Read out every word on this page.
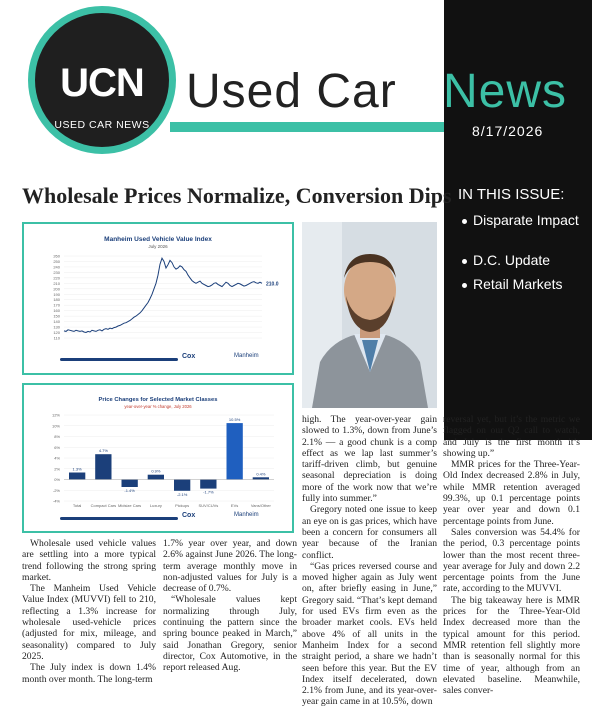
UCN
USED CAR NEWS
Used Car News
8/17/2026
Wholesale Prices Normalize, Conversion Dips IN THIS ISSUE:
Disparate Impact
D.C. Update
Retail Markets
Manheim Used Vehicle Value Index
July 2026
260
250
240
230
220
210
200
190
180
170
160
150
140
130
120
110
210.0
Cox	Manheim
Price Changes for Selected Market Classes
year-over-year % change, July 2026
12%
10%
8%
6%
4%
2%
0%
-2%
-4%
1.3%
Total
4.7%
Compact Cars
-1.4%
Midsize Cars
0.9%
Luxury
-2.1%
Pickups
-1.7%
SUV/CUVs
10.5%
EVs
0.4%
Vans/Other
Cox	Manheim

Wholesale used vehicle values are settling into a more typical trend following the strong spring market.

The Manheim Used Vehicle Value Index (MUVVI) fell to 210, reflecting a 1.3% increase for wholesale used-vehicle prices (adjusted for mix, mileage, and seasonality) compared to July 2025.

The July index is down 1.4% month over month. The long-term

1.7% year over year, and down 2.6% against June 2026. The long-term average monthly move in non-adjusted values for July is a decrease of 0.7%.

“Wholesale values kept normalizing through July, continuing the pattern since the spring bounce peaked in March,” said Jonathan Gregory, senior director, Cox Automotive, in the report released Aug.

high. The year-over-year gain slowed to 1.3%, down from June’s 2.1% — a good chunk is a comp effect as we lap last summer’s tariff-driven climb, but genuine seasonal depreciation is doing more of the work now that we’re fully into summer.”

Gregory noted one issue to keep an eye on is gas prices, which have been a concern for consumers all year because of the Iranian conflict.

“Gas prices reversed course and moved higher again as July went on, after briefly easing in June,” Gregory said. “That’s kept demand for used EVs firm even as the broader market cools. EVs held above 4% of all units in the Manheim Index for a second straight period, a share we hadn’t seen before this year. But the EV Index itself decelerated, down 2.1% from June, and its year-over-year gain came in at 10.5%, down

reversal yet, but it’s the metric we flagged on our Q2 call to watch, and July is the first month it’s showing up.”

MMR prices for the Three-Year-Old Index decreased 2.8% in July, while MMR retention averaged 99.3%, up 0.1 percentage points year over year and down 0.1 percentage points from June.

Sales conversion was 54.4% for the period, 0.3 percentage points lower than the most recent three-year average for July and down 2.2 percentage points from the June rate, according to the MUVVI.

The big takeaway here is MMR prices for the Three-Year-Old Index decreased more than the typical amount for this period. MMR retention fell slightly more than is seasonally normal for this time of year, although from an elevated baseline. Meanwhile, sales conver-
